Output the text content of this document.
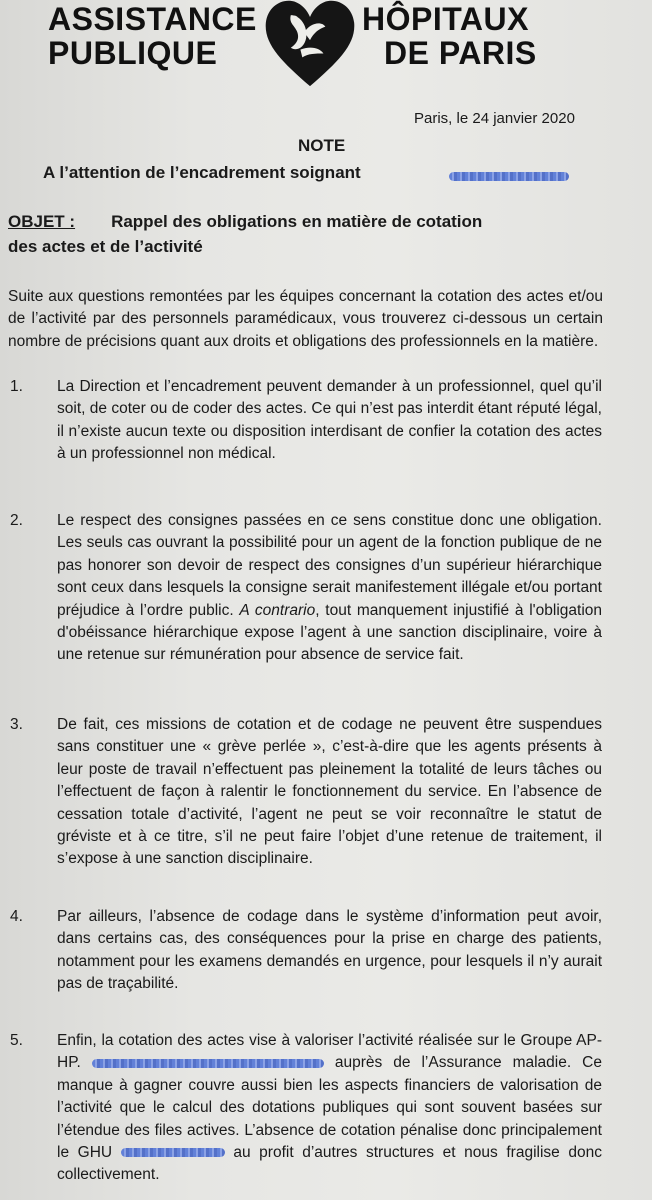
ASSISTANCE
PUBLIQUE
HÔPITAUX
DE PARIS
Paris, le 24 janvier 2020
NOTE
A l’attention de l’encadrement soignant
OBJET : Rappel des obligations en matière de cotation
des actes et de l’activité
Suite aux questions remontées par les équipes concernant la cotation des actes et/ou de l’activité par des personnels paramédicaux, vous trouverez ci-dessous un certain nombre de précisions quant aux droits et obligations des professionnels en la matière.
1. La Direction et l’encadrement peuvent demander à un professionnel, quel qu’il soit, de coter ou de coder des actes. Ce qui n’est pas interdit étant réputé légal, il n’existe aucun texte ou disposition interdisant de confier la cotation des actes à un professionnel non médical.
2. Le respect des consignes passées en ce sens constitue donc une obligation. Les seuls cas ouvrant la possibilité pour un agent de la fonction publique de ne pas honorer son devoir de respect des consignes d’un supérieur hiérarchique sont ceux dans lesquels la consigne serait manifestement illégale et/ou portant préjudice à l’ordre public. A contrario, tout manquement injustifié à l'obligation d'obéissance hiérarchique expose l’agent à une sanction disciplinaire, voire à une retenue sur rémunération pour absence de service fait.
3. De fait, ces missions de cotation et de codage ne peuvent être suspendues sans constituer une « grève perlée », c’est-à-dire que les agents présents à leur poste de travail n’effectuent pas pleinement la totalité de leurs tâches ou l’effectuent de façon à ralentir le fonctionnement du service. En l’absence de cessation totale d’activité, l’agent ne peut se voir reconnaître le statut de gréviste et à ce titre, s’il ne peut faire l’objet d’une retenue de traitement, il s’expose à une sanction disciplinaire.
4. Par ailleurs, l’absence de codage dans le système d’information peut avoir, dans certains cas, des conséquences pour la prise en charge des patients, notamment pour les examens demandés en urgence, pour lesquels il n’y aurait pas de traçabilité.
5. Enfin, la cotation des actes vise à valoriser l’activité réalisée sur le Groupe AP-HP.	auprès de l’Assurance maladie. Ce manque à gagner couvre aussi bien les aspects financiers de valorisation de l’activité que le calcul des dotations publiques qui sont souvent basées sur l’étendue des files actives. L’absence de cotation pénalise donc principalement le GHU	au profit d’autres structures et nous fragilise donc collectivement.
